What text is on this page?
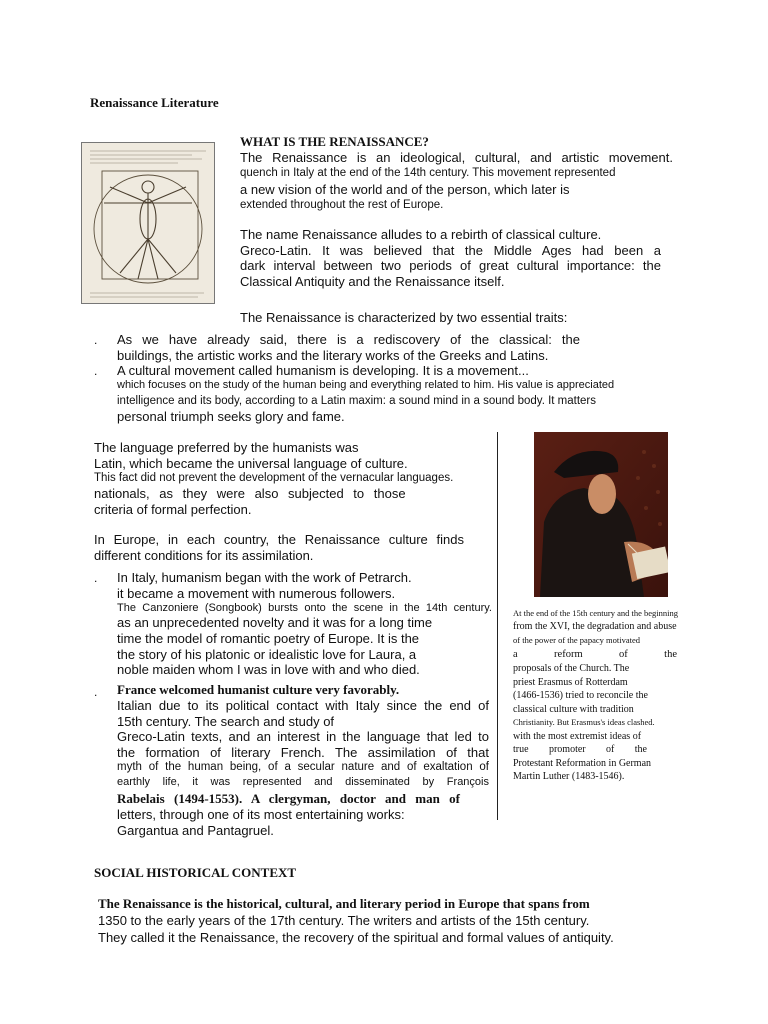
Renaissance Literature
WHAT IS THE RENAISSANCE?
The Renaissance is an ideological, cultural, and artistic movement.
quench in Italy at the end of the 14th century. This movement represented
a new vision of the world and of the person, which later is
extended throughout the rest of Europe.
The name Renaissance alludes to a rebirth of classical culture.
Greco-Latin. It was believed that the Middle Ages had been a
dark interval between two periods of great cultural importance: the
Classical Antiquity and the Renaissance itself.
The Renaissance is characterized by two essential traits:
. As we have already said, there is a rediscovery of the classical: the
buildings, the artistic works and the literary works of the Greeks and Latins.
. A cultural movement called humanism is developing. It is a movement...
which focuses on the study of the human being and everything related to him. His value is appreciated
intelligence and its body, according to a Latin maxim: a sound mind in a sound body. It matters
personal triumph seeks glory and fame.
The language preferred by the humanists was
Latin, which became the universal language of culture.
This fact did not prevent the development of the vernacular languages.
nationals, as they were also subjected to those
criteria of formal perfection.
In Europe, in each country, the Renaissance culture finds
different conditions for its assimilation.
. In Italy, humanism began with the work of Petrarch.
it became a movement with numerous followers.
The Canzoniere (Songbook) bursts onto the scene in the 14th century.
as an unprecedented novelty and it was for a long time
time the model of romantic poetry of Europe. It is the
the story of his platonic or idealistic love for Laura, a
noble maiden whom I was in love with and who died.
. France welcomed humanist culture very favorably.
Italian due to its political contact with Italy since the end of
15th century. The search and study of
Greco-Latin texts, and an interest in the language that led to
the formation of literary French. The assimilation of that
myth of the human being, of a secular nature and of exaltation of
earthly life, it was represented and disseminated by François
Rabelais (1494-1553). A clergyman, doctor and man of
letters, through one of its most entertaining works:
Gargantua and Pantagruel.
At the end of the 15th century and the beginning
from the XVI, the degradation and abuse
of the power of the papacy motivated
a reform of the
proposals of the Church. The
priest Erasmus of Rotterdam
(1466-1536) tried to reconcile the
classical culture with tradition
Christianity. But Erasmus's ideas clashed.
with the most extremist ideas of
true promoter of the
Protestant Reformation in German
Martin Luther (1483-1546).
SOCIAL HISTORICAL CONTEXT
The Renaissance is the historical, cultural, and literary period in Europe that spans from
1350 to the early years of the 17th century. The writers and artists of the 15th century.
They called it the Renaissance, the recovery of the spiritual and formal values of antiquity.
